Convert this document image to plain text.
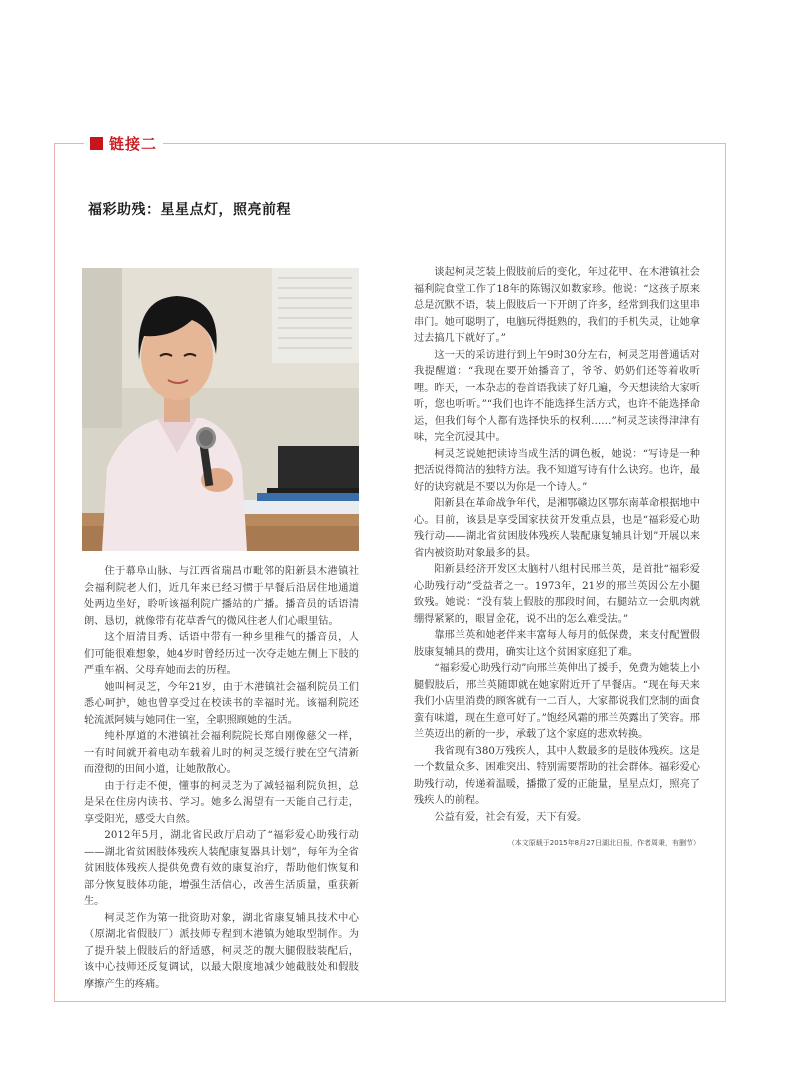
链接二
福彩助残：星星点灯，照亮前程

住于幕阜山脉、与江西省瑞昌市毗邻的阳新县木港镇社会福利院老人们，近几年来已经习惯于早餐后沿居住地通道处两边坐好，聆听该福利院广播站的广播。播音员的话语清朗、恳切，就像带有花草香气的微风往老人们心眼里钻。

这个眉清目秀、话语中带有一种乡里稚气的播音员，人们可能很难想象，她4岁时曾经历过一次夺走她左侧上下肢的严重车祸、父母弃她而去的历程。

她叫柯灵芝，今年21岁，由于木港镇社会福利院员工们悉心呵护，她也曾享受过在校读书的幸福时光。该福利院还轮流派阿姨与她同住一室，全职照顾她的生活。

纯朴厚道的木港镇社会福利院院长郑自刚像慈父一样，一有时间就开着电动车载着儿时的柯灵芝缓行驶在空气清新而澄彻的田间小道，让她散散心。

由于行走不便，懂事的柯灵芝为了减轻福利院负担，总是呆在住房内读书、学习。她多么渴望有一天能自己行走，享受阳光，感受大自然。

2012年5月，湖北省民政厅启动了“福彩爱心助残行动——湖北省贫困肢体残疾人装配康复器具计划”，每年为全省贫困肢体残疾人提供免费有效的康复治疗，帮助他们恢复和部分恢复肢体功能，增强生活信心，改善生活质量，重获新生。

柯灵芝作为第一批资助对象，湖北省康复辅具技术中心（原湖北省假肢厂）派技师专程到木港镇为她取型制作。为了提升装上假肢后的舒适感，柯灵芝的靓大腿假肢装配后，该中心技师还反复调试，以最大限度地减少她截肢处和假肢摩擦产生的疼痛。

谈起柯灵芝装上假肢前后的变化，年过花甲、在木港镇社会福利院食堂工作了18年的陈锡汉如数家珍。他说：“这孩子原来总是沉默不语，装上假肢后一下开朗了许多，经常到我们这里串串门。她可聪明了，电脑玩得挺熟的，我们的手机失灵，让她拿过去搞几下就好了。”

这一天的采访进行到上午9时30分左右，柯灵芝用普通话对我提醒道：“我现在要开始播音了，爷爷、奶奶们还等着收听哩。昨天，一本杂志的卷首语我读了好几遍，今天想读给大家听听，您也听听。”“我们也许不能选择生活方式，也许不能选择命运，但我们每个人都有选择快乐的权利……”柯灵芝读得津津有味，完全沉浸其中。

柯灵芝说她把读诗当成生活的调色板，她说：“写诗是一种把活说得简洁的独特方法。我不知道写诗有什么诀窍。也许，最好的诀窍就是不要以为你是一个诗人。”

阳新县在革命战争年代，是湘鄂赣边区鄂东南革命根据地中心。目前，该县是享受国家扶贫开发重点县，也是“福彩爱心助残行动——湖北省贫困肢体残疾人装配康复辅具计划”开展以来省内被资助对象最多的县。

阳新县经济开发区太脑村八组村民邢兰英，是首批“福彩爱心助残行动”受益者之一。1973年，21岁的邢兰英因公左小腿致残。她说：“没有装上假肢的那段时间，右腿站立一会肌肉就绷得紧紧的，眼冒金花，说不出的怎么难受法。”

靠邢兰英和她老伴来丰富每人每月的低保费，来支付配置假肢康复辅具的费用，确实让这个贫困家庭犯了难。

“福彩爱心助残行动”向邢兰英伸出了援手，免费为她装上小腿假肢后，邢兰英随即就在她家附近开了早餐店。“现在每天来我们小店里消费的顾客就有一二百人，大家都说我们烹制的面食蛮有味道，现在生意可好了。”饱经风霜的邢兰英露出了笑容。邢兰英迈出的新的一步，承载了这个家庭的悲欢转换。

我省现有380万残疾人，其中人数最多的是肢体残疾。这是一个数量众多、困难突出、特别需要帮助的社会群体。福彩爱心助残行动，传递着温暖，播撒了爱的正能量，星星点灯，照亮了残疾人的前程。

公益有爱，社会有爱，天下有爱。

（本文原载于2015年8月27日湖北日报，作者周秉，有删节）
